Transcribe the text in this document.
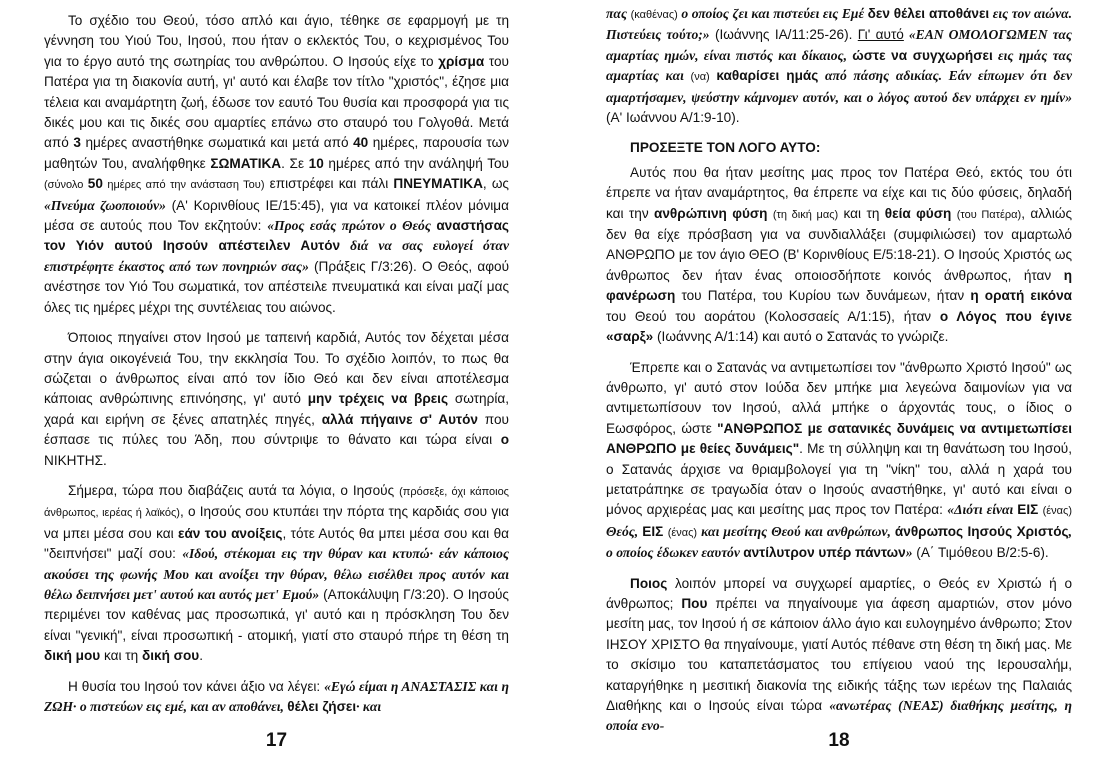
Το σχέδιο του Θεού, τόσο απλό και άγιο, τέθηκε σε εφαρμογή με τη γέννηση του Υιού Του, Ιησού, που ήταν ο εκλεκτός Του, ο κεχρισμένος Του για το έργο αυτό της σωτηρίας του ανθρώπου. Ο Ιησούς είχε το χρίσμα του Πατέρα για τη διακονία αυτή, γι' αυτό και έλαβε τον τίτλο "χριστός", έζησε μια τέλεια και αναμάρτητη ζωή, έδωσε τον εαυτό Του θυσία και προσφορά για τις δικές μου και τις δικές σου αμαρτίες επάνω στο σταυρό του Γολγοθά. Μετά από 3 ημέρες αναστήθηκε σωματικά και μετά από 40 ημέρες, παρουσία των μαθητών Του, αναλήφθηκε ΣΩΜΑΤΙΚΑ. Σε 10 ημέρες από την ανάληψή Του (σύνολο 50 ημέρες από την ανάσταση Του) επιστρέφει και πάλι ΠΝΕΥΜΑΤΙΚΑ, ως «Πνεύμα ζωοποιούν» (Α' Κορινθίους ΙΕ/15:45), για να κατοικεί πλέον μόνιμα μέσα σε αυτούς που Τον εκζητούν: «Προς εσάς πρώτον ο Θεός αναστήσας τον Υιόν αυτού Ιησούν απέστειλεν Αυτόν διά να σας ευλογεί όταν επιστρέφητε έκαστος από των πονηριών σας» (Πράξεις Γ/3:26). Ο Θεός, αφού ανέστησε τον Υιό Του σωματικά, τον απέστειλε πνευματικά και είναι μαζί μας όλες τις ημέρες μέχρι της συντέλειας του αιώνος.

Όποιος πηγαίνει στον Ιησού με ταπεινή καρδιά, Αυτός τον δέχεται μέσα στην άγια οικογένειά Του, την εκκλησία Του. Το σχέδιο λοιπόν, το πως θα σώζεται ο άνθρωπος είναι από τον ίδιο Θεό και δεν είναι αποτέλεσμα κάποιας ανθρώπινης επινόησης, γι' αυτό μην τρέχεις να βρεις σωτηρία, χαρά και ειρήνη σε ξένες απατηλές πηγές, αλλά πήγαινε σ' Αυτόν που έσπασε τις πύλες του Άδη, που σύντριψε το θάνατο και τώρα είναι ο ΝΙΚΗΤΗΣ.

Σήμερα, τώρα που διαβάζεις αυτά τα λόγια, ο Ιησούς (πρόσεξε, όχι κάποιος άνθρωπος, ιερέας ή λαϊκός), ο Ιησούς σου κτυπάει την πόρτα της καρδιάς σου για να μπει μέσα σου και εάν του ανοίξεις, τότε Αυτός θα μπει μέσα σου και θα "δειπνήσει" μαζί σου: «Ιδού, στέκομαι εις την θύραν και κτυπώ· εάν κάποιος ακούσει της φωνής Μου και ανοίξει την θύραν, θέλω εισέλθει προς αυτόν και θέλω δειπνήσει μετ' αυτού και αυτός μετ' Εμού» (Αποκάλυψη Γ/3:20). Ο Ιησούς περιμένει τον καθένας μας προσωπικά, γι' αυτό και η πρόσκληση Του δεν είναι "γενική", είναι προσωπική - ατομική, γιατί στο σταυρό πήρε τη θέση τη δική μου και τη δική σου.

Η θυσία του Ιησού τον κάνει άξιο να λέγει: «Εγώ είμαι η ΑΝΑΣΤΑΣΙΣ και η ΖΩΗ· ο πιστεύων εις εμέ, και αν αποθάνει, θέλει ζήσει· και

17

πας (καθένας) ο οποίος ζει και πιστεύει εις Εμέ δεν θέλει αποθάνει εις τον αιώνα. Πιστεύεις τούτο;» (Ιωάννης ΙΑ/11:25-26). Γι' αυτό «ΕΑΝ ΟΜΟΛΟΓΩΜΕΝ τας αμαρτίας ημών, είναι πιστός και δίκαιος, ώστε να συγχωρήσει εις ημάς τας αμαρτίας και (να) καθαρίσει ημάς από πάσης αδικίας. Εάν είπωμεν ότι δεν αμαρτήσαμεν, ψεύστην κάμνομεν αυτόν, και ο λόγος αυτού δεν υπάρχει εν ημίν» (Α' Ιωάννου Α/1:9-10).

ΠΡΟΣΕΞΤΕ ΤΟΝ ΛΟΓΟ ΑΥΤΟ:

Αυτός που θα ήταν μεσίτης μας προς τον Πατέρα Θεό, εκτός του ότι έπρεπε να ήταν αναμάρτητος, θα έπρεπε να είχε και τις δύο φύσεις, δηλαδή και την ανθρώπινη φύση (τη δική μας) και τη θεία φύση (του Πατέρα), αλλιώς δεν θα είχε πρόσβαση για να συνδιαλλάξει (συμφιλιώσει) τον αμαρτωλό ΑΝΘΡΩΠΟ με τον άγιο ΘΕΟ (Β' Κορινθίους Ε/5:18-21). Ο Ιησούς Χριστός ως άνθρωπος δεν ήταν ένας οποιοσδήποτε κοινός άνθρωπος, ήταν η φανέρωση του Πατέρα, του Κυρίου των δυνάμεων, ήταν η ορατή εικόνα του Θεού του αοράτου (Κολοσσαείς Α/1:15), ήταν ο Λόγος που έγινε «σαρξ» (Ιωάννης Α/1:14) και αυτό ο Σατανάς το γνώριζε.

Έπρεπε και ο Σατανάς να αντιμετωπίσει τον "άνθρωπο Χριστό Ιησού" ως άνθρωπο, γι' αυτό στον Ιούδα δεν μπήκε μια λεγεώνα δαιμονίων για να αντιμετωπίσουν τον Ιησού, αλλά μπήκε ο άρχοντάς τους, ο ίδιος ο Εωσφόρος, ώστε "ΑΝΘΡΩΠΟΣ με σατανικές δυνάμεις να αντιμετωπίσει ΑΝΘΡΩΠΟ με θείες δυνάμεις". Με τη σύλληψη και τη θανάτωση του Ιησού, ο Σατανάς άρχισε να θριαμβολογεί για τη "νίκη" του, αλλά η χαρά του μετατράπηκε σε τραγωδία όταν ο Ιησούς αναστήθηκε, γι' αυτό και είναι ο μόνος αρχιερέας μας και μεσίτης μας προς τον Πατέρα: «Διότι είναι ΕΙΣ (ένας) Θεός, ΕΙΣ (ένας) και μεσίτης Θεού και ανθρώπων, άνθρωπος Ιησούς Χριστός, ο οποίος έδωκεν εαυτόν αντίλυτρον υπέρ πάντων» (Α΄ Τιμόθεου Β/2:5-6).

Ποιος λοιπόν μπορεί να συγχωρεί αμαρτίες, ο Θεός εν Χριστώ ή ο άνθρωπος; Που πρέπει να πηγαίνουμε για άφεση αμαρτιών, στον μόνο μεσίτη μας, τον Ιησού ή σε κάποιον άλλο άγιο και ευλογημένο άνθρωπο; Στον ΙΗΣΟΥ ΧΡΙΣΤΟ θα πηγαίνουμε, γιατί Αυτός πέθανε στη θέση τη δική μας. Με το σκίσιμο του καταπετάσματος του επίγειου ναού της Ιερουσαλήμ, καταργήθηκε η μεσιτική διακονία της ειδικής τάξης των ιερέων της Παλαιάς Διαθήκης και ο Ιησούς είναι τώρα «ανωτέρας (ΝΕΑΣ) διαθήκης μεσίτης, η οποία ενο-

18
